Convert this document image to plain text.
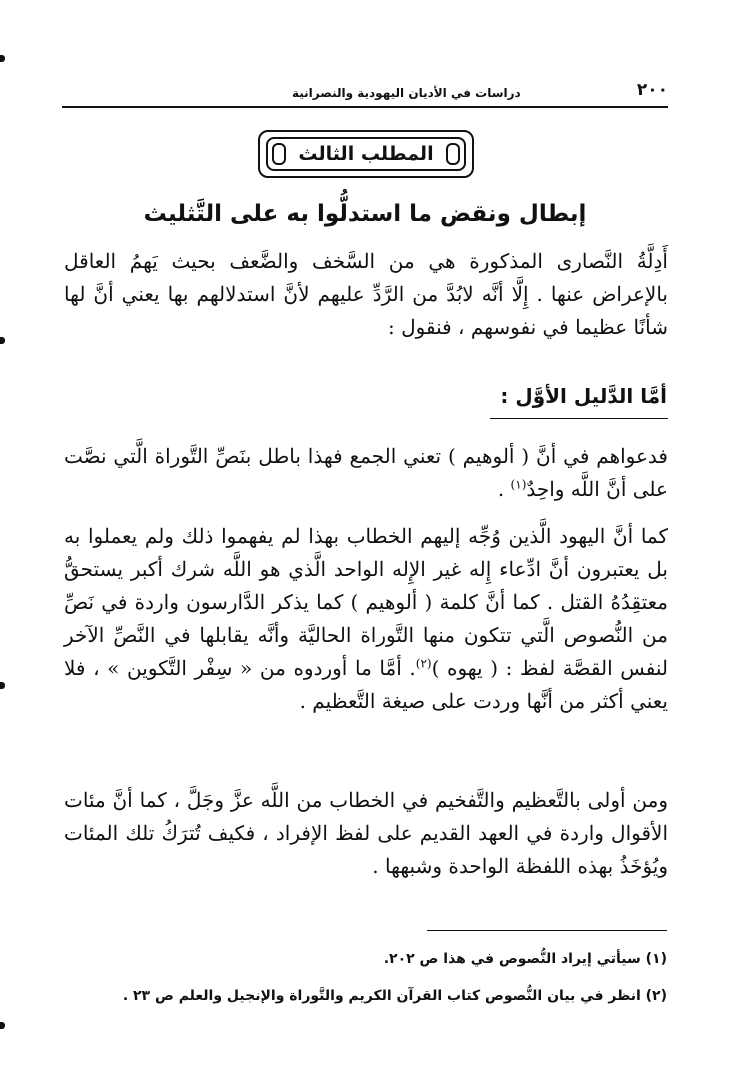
٢٠٠
دراسات في الأديان اليهودية والنصرانية
المطلب الثالث
إبطال ونقض ما استدلُّوا به على التَّثليث

أَدِلَّةُ النَّصارى المذكورة هي من السَّخف والضَّعف بحيث يَهمُ العاقل بالإعراض عنها . إِلَّا أنَّه لابُدَّ من الرَّدِّ عليهم لأنَّ استدلالهم بها يعني أنَّ لها شأنًا عظيما في نفوسهم ، فنقول :

أمَّا الدَّليل الأوَّل :

فدعواهم في أنَّ ( ألوهيم ) تعني الجمع فهذا باطل بنَصِّ التَّوراة الَّتي نصَّت على أنَّ اللَّه واحِدٌ$^{(١)}$ .

كما أنَّ اليهود الَّذين وُجِّه إليهم الخطاب بهذا لم يفهموا ذلك ولم يعملوا به بل يعتبرون أنَّ ادِّعاء إِله غير الإِله الواحد الَّذي هو اللَّه شرك أكبر يستحقُّ معتقِدُهُ القتل . كما أنَّ كلمة ( ألوهيم ) كما يذكر الدَّارسون واردة في نَصِّ من النُّصوص الَّتي تتكون منها التَّوراة الحاليَّة وأنَّه يقابلها في النَّصِّ الآخر لنفس القصَّة لفظ : ( يهوه )$^{(٢)}$. أمَّا ما أوردوه من « سِفْر التَّكوين » ، فلا يعني أكثر من أنَّها وردت على صيغة التَّعظيم .

ومن أولى بالتَّعظيم والتَّفخيم في الخطاب من اللَّه عزَّ وجَلَّ ، كما أنَّ مئات الأقوال واردة في العهد القديم على لفظ الإفراد ، فكيف تُترَكُ تلك المئات ويُؤخَذُ بهذه اللفظة الواحدة وشبهها .

(١) سيأتي إيراد النُّصوص في هذا ص ٢٠٢.
(٢) انظر في بيان النُّصوص كتاب القرآن الكريم والتَّوراة والإنجيل والعلم ص ٢٣ .
